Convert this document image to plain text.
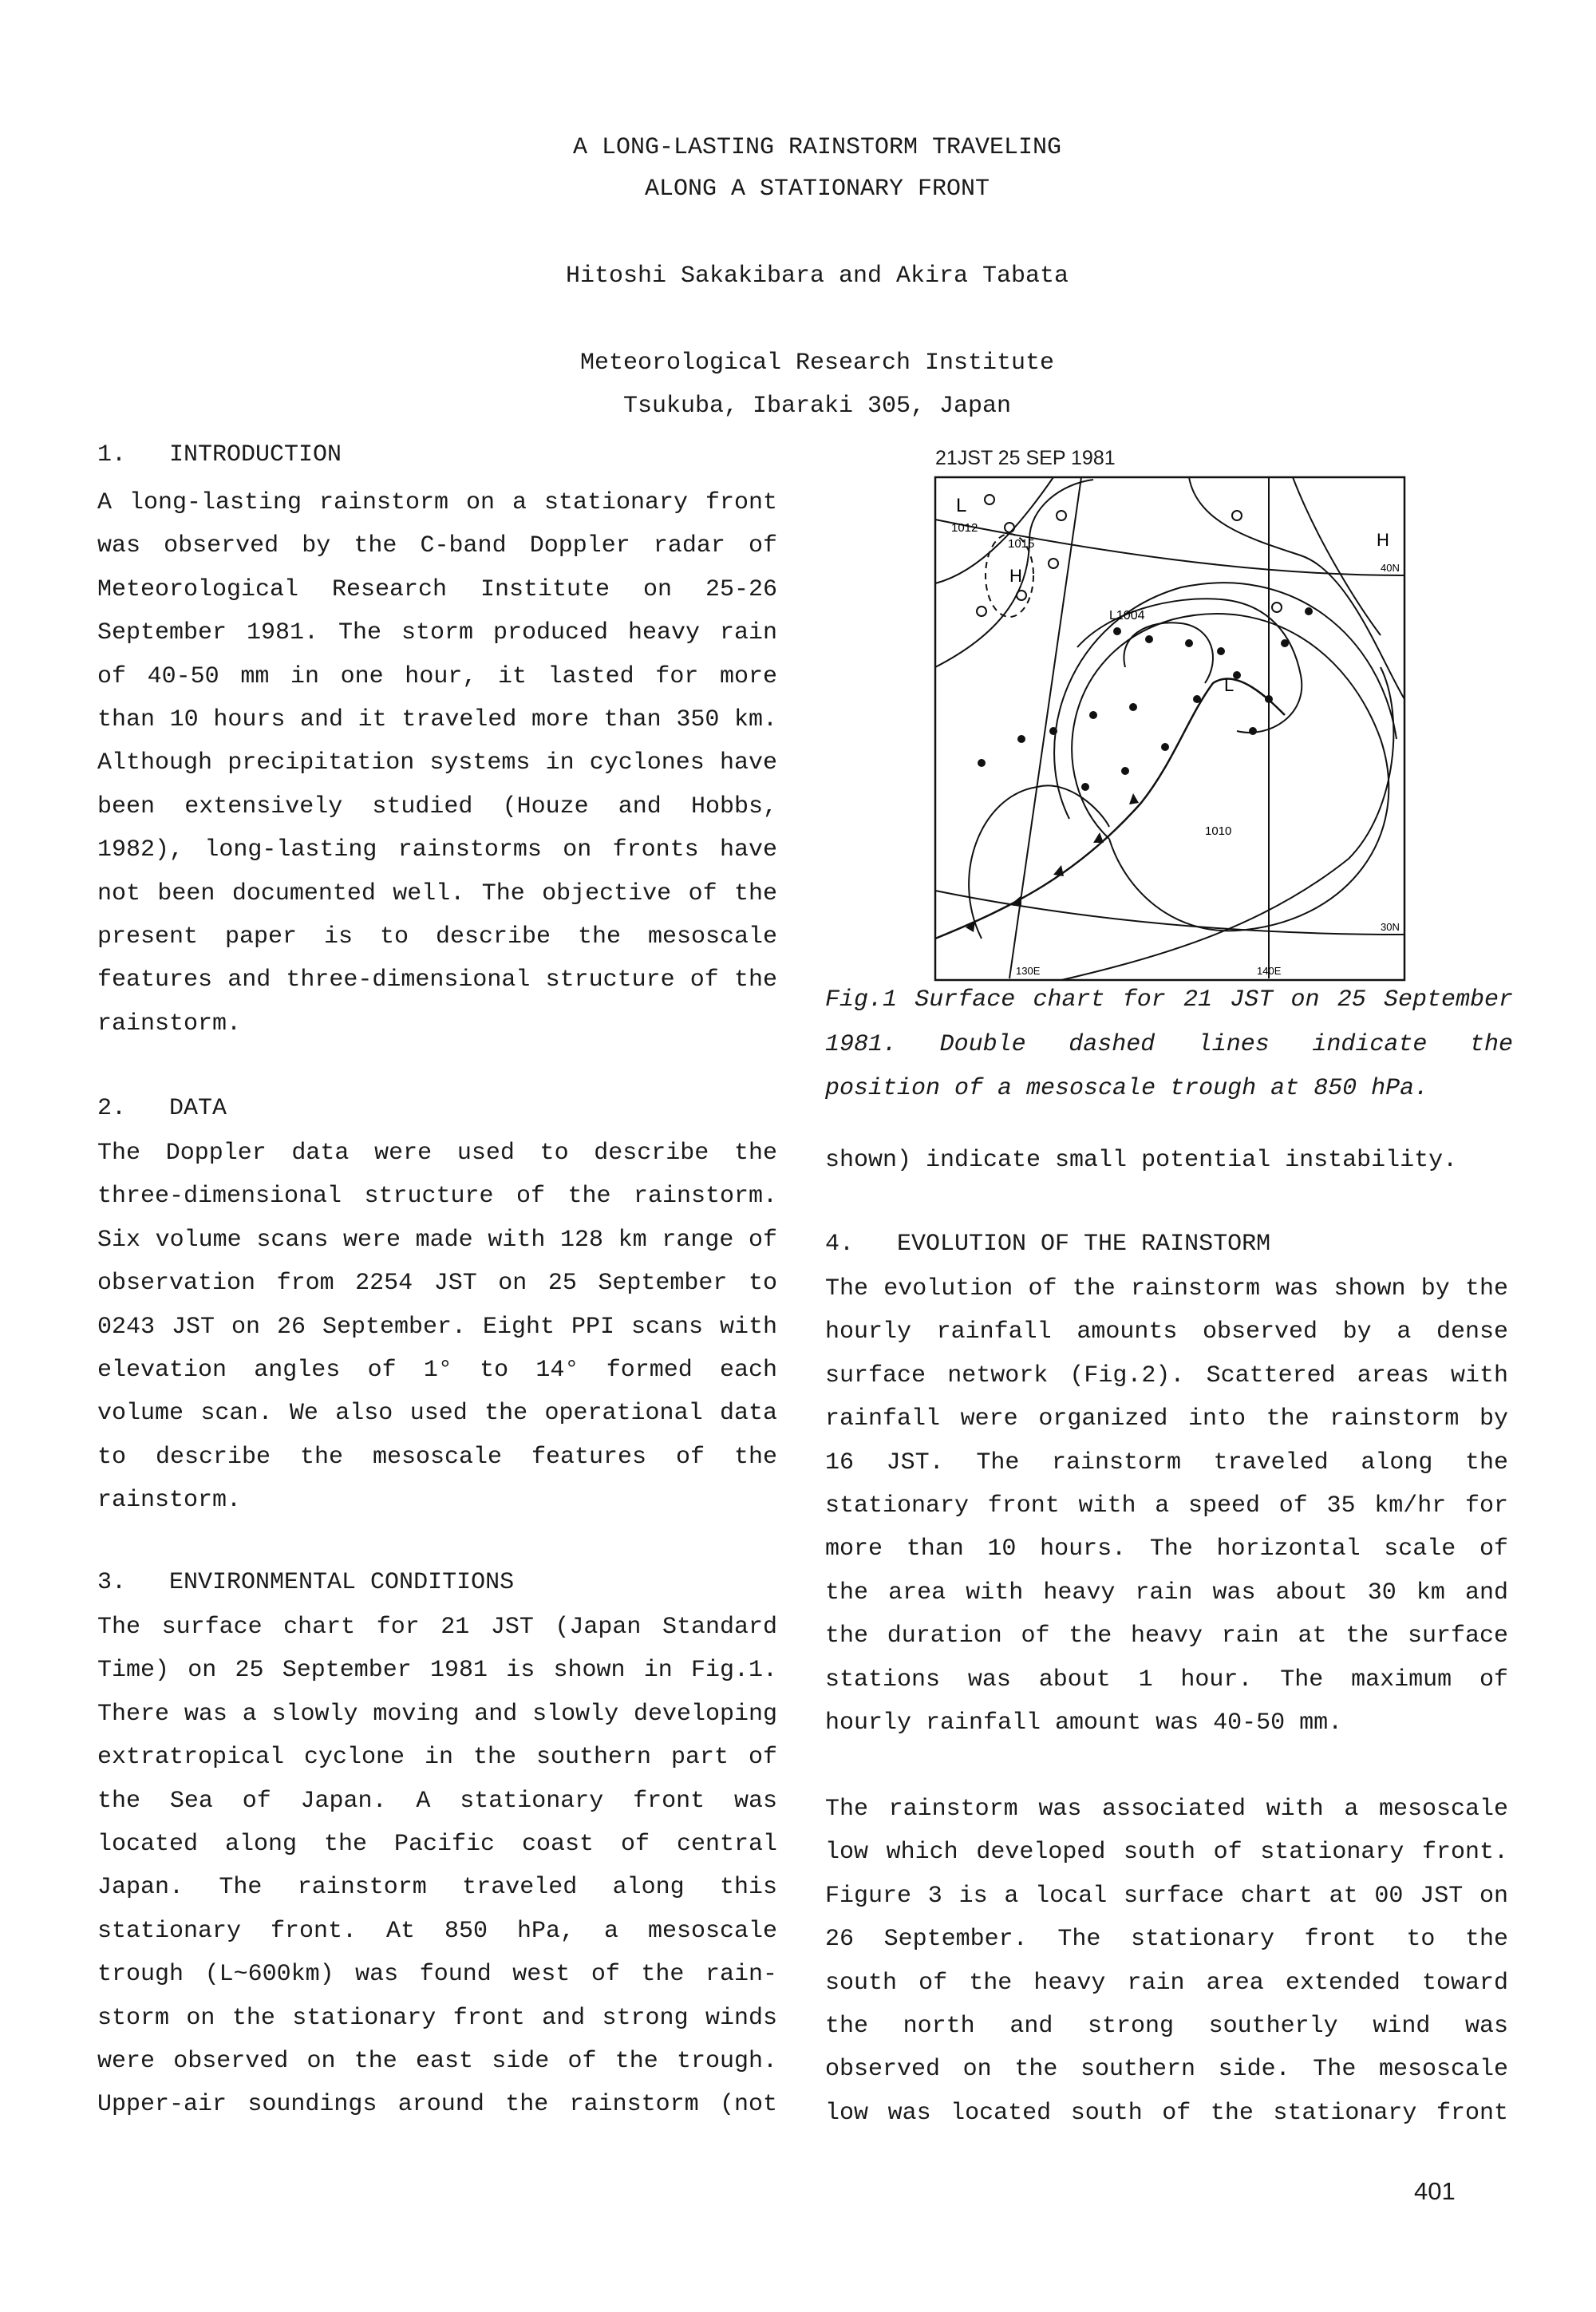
A LONG-LASTING RAINSTORM TRAVELING
ALONG A STATIONARY FRONT
Hitoshi Sakakibara and Akira Tabata
Meteorological Research Institute
Tsukuba, Ibaraki 305, Japan
1.   INTRODUCTION
A long-lasting rainstorm on a stationary front
was observed by the C-band Doppler radar of
Meteorological Research Institute on 25-26
September 1981. The storm produced heavy rain
of 40-50 mm in one hour, it lasted for more
than 10 hours and it traveled more than 350 km.
Although precipitation systems in cyclones have
been extensively studied (Houze and Hobbs,
1982), long-lasting rainstorms on fronts have
not been documented well. The objective of the
present paper is to describe the mesoscale
features and three-dimensional structure of the
rainstorm.
2.   DATA
The Doppler data were used to describe the
three-dimensional structure of the rainstorm.
Six volume scans were made with 128 km range of
observation from 2254 JST on 25 September to
0243 JST on 26 September. Eight PPI scans with
elevation angles of 1° to 14° formed each
volume scan. We also used the operational data
to describe the mesoscale features of the
rainstorm.
3.   ENVIRONMENTAL CONDITIONS
The surface chart for 21 JST (Japan Standard
Time) on 25 September 1981 is shown in Fig.1.
There was a slowly moving and slowly developing
extratropical cyclone in the southern part of
the Sea of Japan. A stationary front was
located along the Pacific coast of central
Japan. The rainstorm traveled along this
stationary front. At 850 hPa, a mesoscale
trough (L~600km) was found west of the rain-
storm on the stationary front and strong winds
were observed on the east side of the trough.
Upper-air soundings around the rainstorm (not
21JST 25 SEP 1981
L
1012
1015
H
L1004
L
1010
H
40N
30N
130E	140E
Fig.1 Surface chart for 21 JST on 25 September
1981. Double dashed lines indicate the
position of a mesoscale trough at 850 hPa.
shown) indicate small potential instability.
4.   EVOLUTION OF THE RAINSTORM
The evolution of the rainstorm was shown by the
hourly rainfall amounts observed by a dense
surface network (Fig.2). Scattered areas with
rainfall were organized into the rainstorm by
16 JST. The rainstorm traveled along the
stationary front with a speed of 35 km/hr for
more than 10 hours. The horizontal scale of
the area with heavy rain was about 30 km and
the duration of the heavy rain at the surface
stations was about 1 hour. The maximum of
hourly rainfall amount was 40-50 mm.
The rainstorm was associated with a mesoscale
low which developed south of stationary front.
Figure 3 is a local surface chart at 00 JST on
26 September. The stationary front to the
south of the heavy rain area extended toward
the north and strong southerly wind was
observed on the southern side. The mesoscale
low was located south of the stationary front
401
